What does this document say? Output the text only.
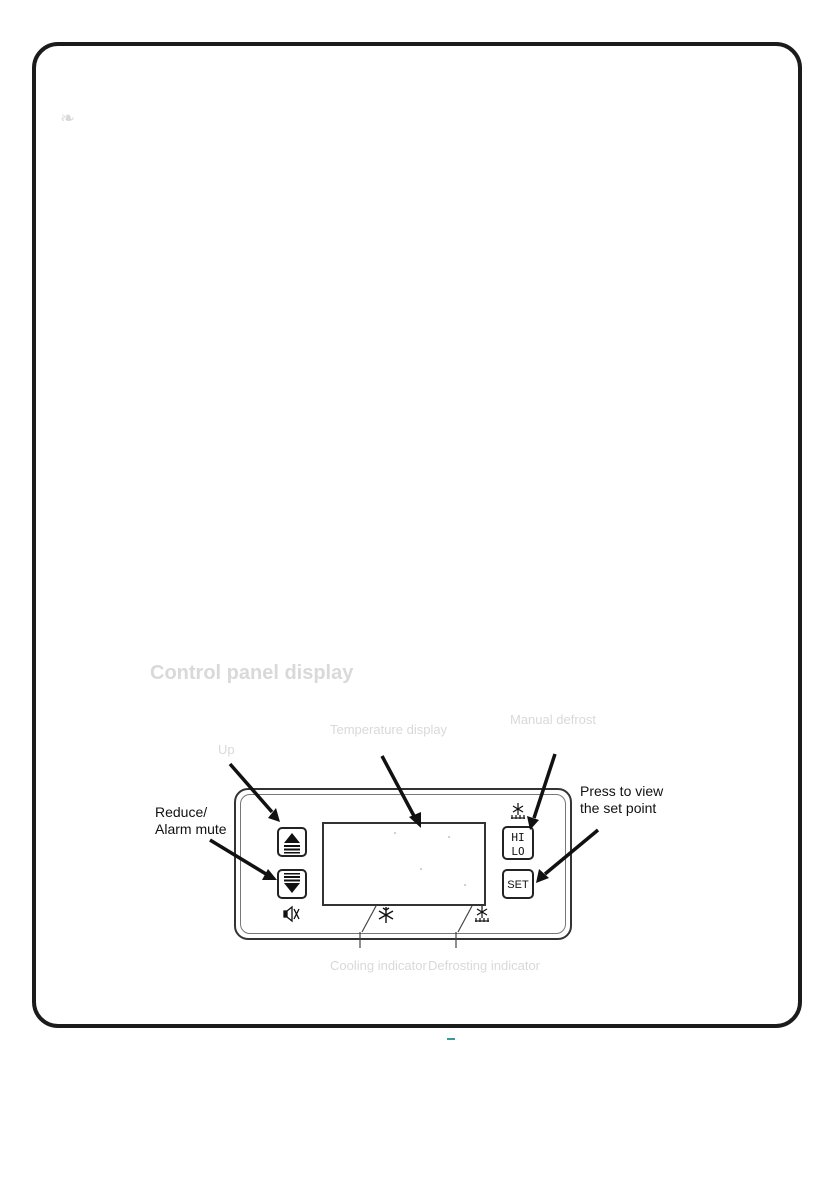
❧
Control panel display
Temperature display
Manual defrost
Up
Cooling indicator Defrosting indicator
HI
LO
SET
Reduce/
Alarm mute
Press to view
the set point
